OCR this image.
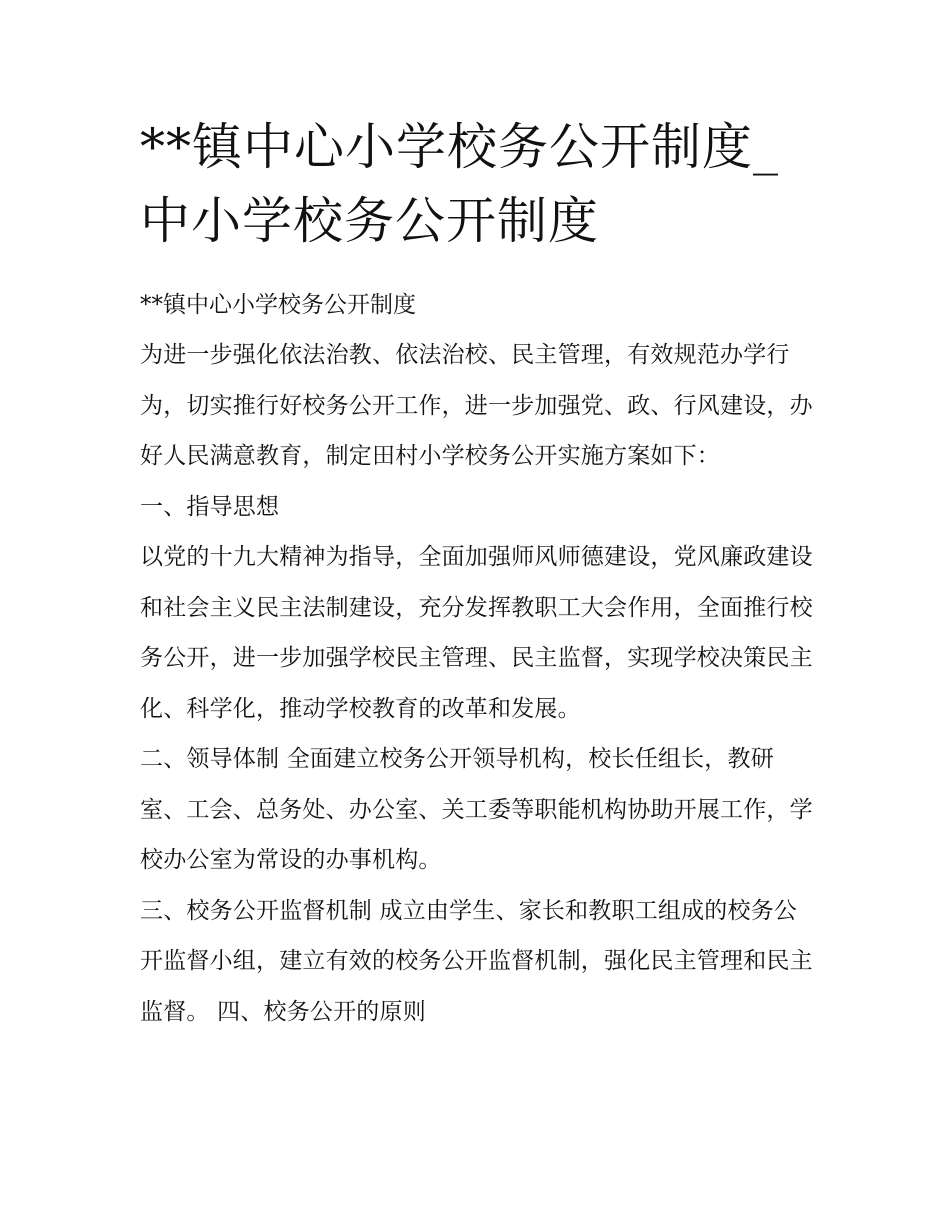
**镇中心小学校务公开制度_中小学校务公开制度

**镇中心小学校务公开制度

为进一步强化依法治教、依法治校、民主管理，有效规范办学行为，切实推行好校务公开工作，进一步加强党、政、行风建设，办好人民满意教育，制定田村小学校务公开实施方案如下：

一、指导思想

以党的十九大精神为指导，全面加强师风师德建设，党风廉政建设和社会主义民主法制建设，充分发挥教职工大会作用，全面推行校务公开，进一步加强学校民主管理、民主监督，实现学校决策民主化、科学化，推动学校教育的改革和发展。

二、领导体制 全面建立校务公开领导机构，校长任组长，教研室、工会、总务处、办公室、关工委等职能机构协助开展工作，学校办公室为常设的办事机构。

三、校务公开监督机制 成立由学生、家长和教职工组成的校务公开监督小组，建立有效的校务公开监督机制，强化民主管理和民主监督。 四、校务公开的原则
